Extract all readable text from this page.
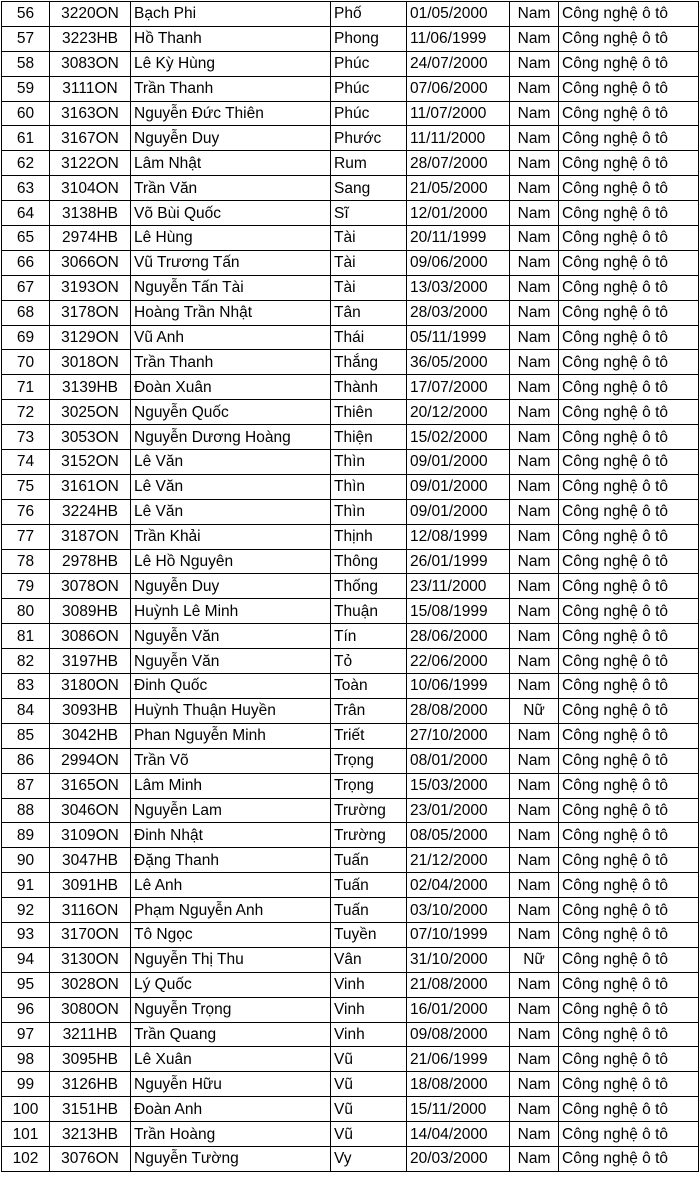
56	3220ON	Bạch Phi	Phố	01/05/2000	Nam	Công nghệ ô tô
57	3223HB	Hồ Thanh	Phong	11/06/1999	Nam	Công nghệ ô tô
58	3083ON	Lê Kỳ Hùng	Phúc	24/07/2000	Nam	Công nghệ ô tô
59	3111ON	Trần Thanh	Phúc	07/06/2000	Nam	Công nghệ ô tô
60	3163ON	Nguyễn Đức Thiên	Phúc	11/07/2000	Nam	Công nghệ ô tô
61	3167ON	Nguyễn Duy	Phước	11/11/2000	Nam	Công nghệ ô tô
62	3122ON	Lâm Nhật	Rum	28/07/2000	Nam	Công nghệ ô tô
63	3104ON	Trần Văn	Sang	21/05/2000	Nam	Công nghệ ô tô
64	3138HB	Võ Bùi Quốc	Sĩ	12/01/2000	Nam	Công nghệ ô tô
65	2974HB	Lê Hùng	Tài	20/11/1999	Nam	Công nghệ ô tô
66	3066ON	Vũ Trương Tấn	Tài	09/06/2000	Nam	Công nghệ ô tô
67	3193ON	Nguyễn Tấn Tài	Tài	13/03/2000	Nam	Công nghệ ô tô
68	3178ON	Hoàng Trần Nhật	Tân	28/03/2000	Nam	Công nghệ ô tô
69	3129ON	Vũ Anh	Thái	05/11/1999	Nam	Công nghệ ô tô
70	3018ON	Trần Thanh	Thắng	36/05/2000	Nam	Công nghệ ô tô
71	3139HB	Đoàn Xuân	Thành	17/07/2000	Nam	Công nghệ ô tô
72	3025ON	Nguyễn Quốc	Thiên	20/12/2000	Nam	Công nghệ ô tô
73	3053ON	Nguyễn Dương Hoàng	Thiện	15/02/2000	Nam	Công nghệ ô tô
74	3152ON	Lê Văn	Thìn	09/01/2000	Nam	Công nghệ ô tô
75	3161ON	Lê Văn	Thìn	09/01/2000	Nam	Công nghệ ô tô
76	3224HB	Lê Văn	Thìn	09/01/2000	Nam	Công nghệ ô tô
77	3187ON	Trần Khải	Thịnh	12/08/1999	Nam	Công nghệ ô tô
78	2978HB	Lê Hồ Nguyên	Thông	26/01/1999	Nam	Công nghệ ô tô
79	3078ON	Nguyễn Duy	Thống	23/11/2000	Nam	Công nghệ ô tô
80	3089HB	Huỳnh Lê Minh	Thuận	15/08/1999	Nam	Công nghệ ô tô
81	3086ON	Nguyễn Văn	Tín	28/06/2000	Nam	Công nghệ ô tô
82	3197HB	Nguyễn Văn	Tỏ	22/06/2000	Nam	Công nghệ ô tô
83	3180ON	Đinh Quốc	Toàn	10/06/1999	Nam	Công nghệ ô tô
84	3093HB	Huỳnh Thuận Huyền	Trân	28/08/2000	Nữ	Công nghệ ô tô
85	3042HB	Phan Nguyễn Minh	Triết	27/10/2000	Nam	Công nghệ ô tô
86	2994ON	Trần Võ	Trọng	08/01/2000	Nam	Công nghệ ô tô
87	3165ON	Lâm Minh	Trọng	15/03/2000	Nam	Công nghệ ô tô
88	3046ON	Nguyễn Lam	Trường	23/01/2000	Nam	Công nghệ ô tô
89	3109ON	Đinh Nhật	Trường	08/05/2000	Nam	Công nghệ ô tô
90	3047HB	Đặng Thanh	Tuấn	21/12/2000	Nam	Công nghệ ô tô
91	3091HB	Lê Anh	Tuấn	02/04/2000	Nam	Công nghệ ô tô
92	3116ON	Phạm Nguyễn Anh	Tuấn	03/10/2000	Nam	Công nghệ ô tô
93	3170ON	Tô Ngọc	Tuyền	07/10/1999	Nam	Công nghệ ô tô
94	3130ON	Nguyễn Thị Thu	Vân	31/10/2000	Nữ	Công nghệ ô tô
95	3028ON	Lý Quốc	Vinh	21/08/2000	Nam	Công nghệ ô tô
96	3080ON	Nguyễn Trọng	Vinh	16/01/2000	Nam	Công nghệ ô tô
97	3211HB	Trần Quang	Vinh	09/08/2000	Nam	Công nghệ ô tô
98	3095HB	Lê Xuân	Vũ	21/06/1999	Nam	Công nghệ ô tô
99	3126HB	Nguyễn Hữu	Vũ	18/08/2000	Nam	Công nghệ ô tô
100	3151HB	Đoàn Anh	Vũ	15/11/2000	Nam	Công nghệ ô tô
101	3213HB	Trần Hoàng	Vũ	14/04/2000	Nam	Công nghệ ô tô
102	3076ON	Nguyễn Tường	Vy	20/03/2000	Nam	Công nghệ ô tô
